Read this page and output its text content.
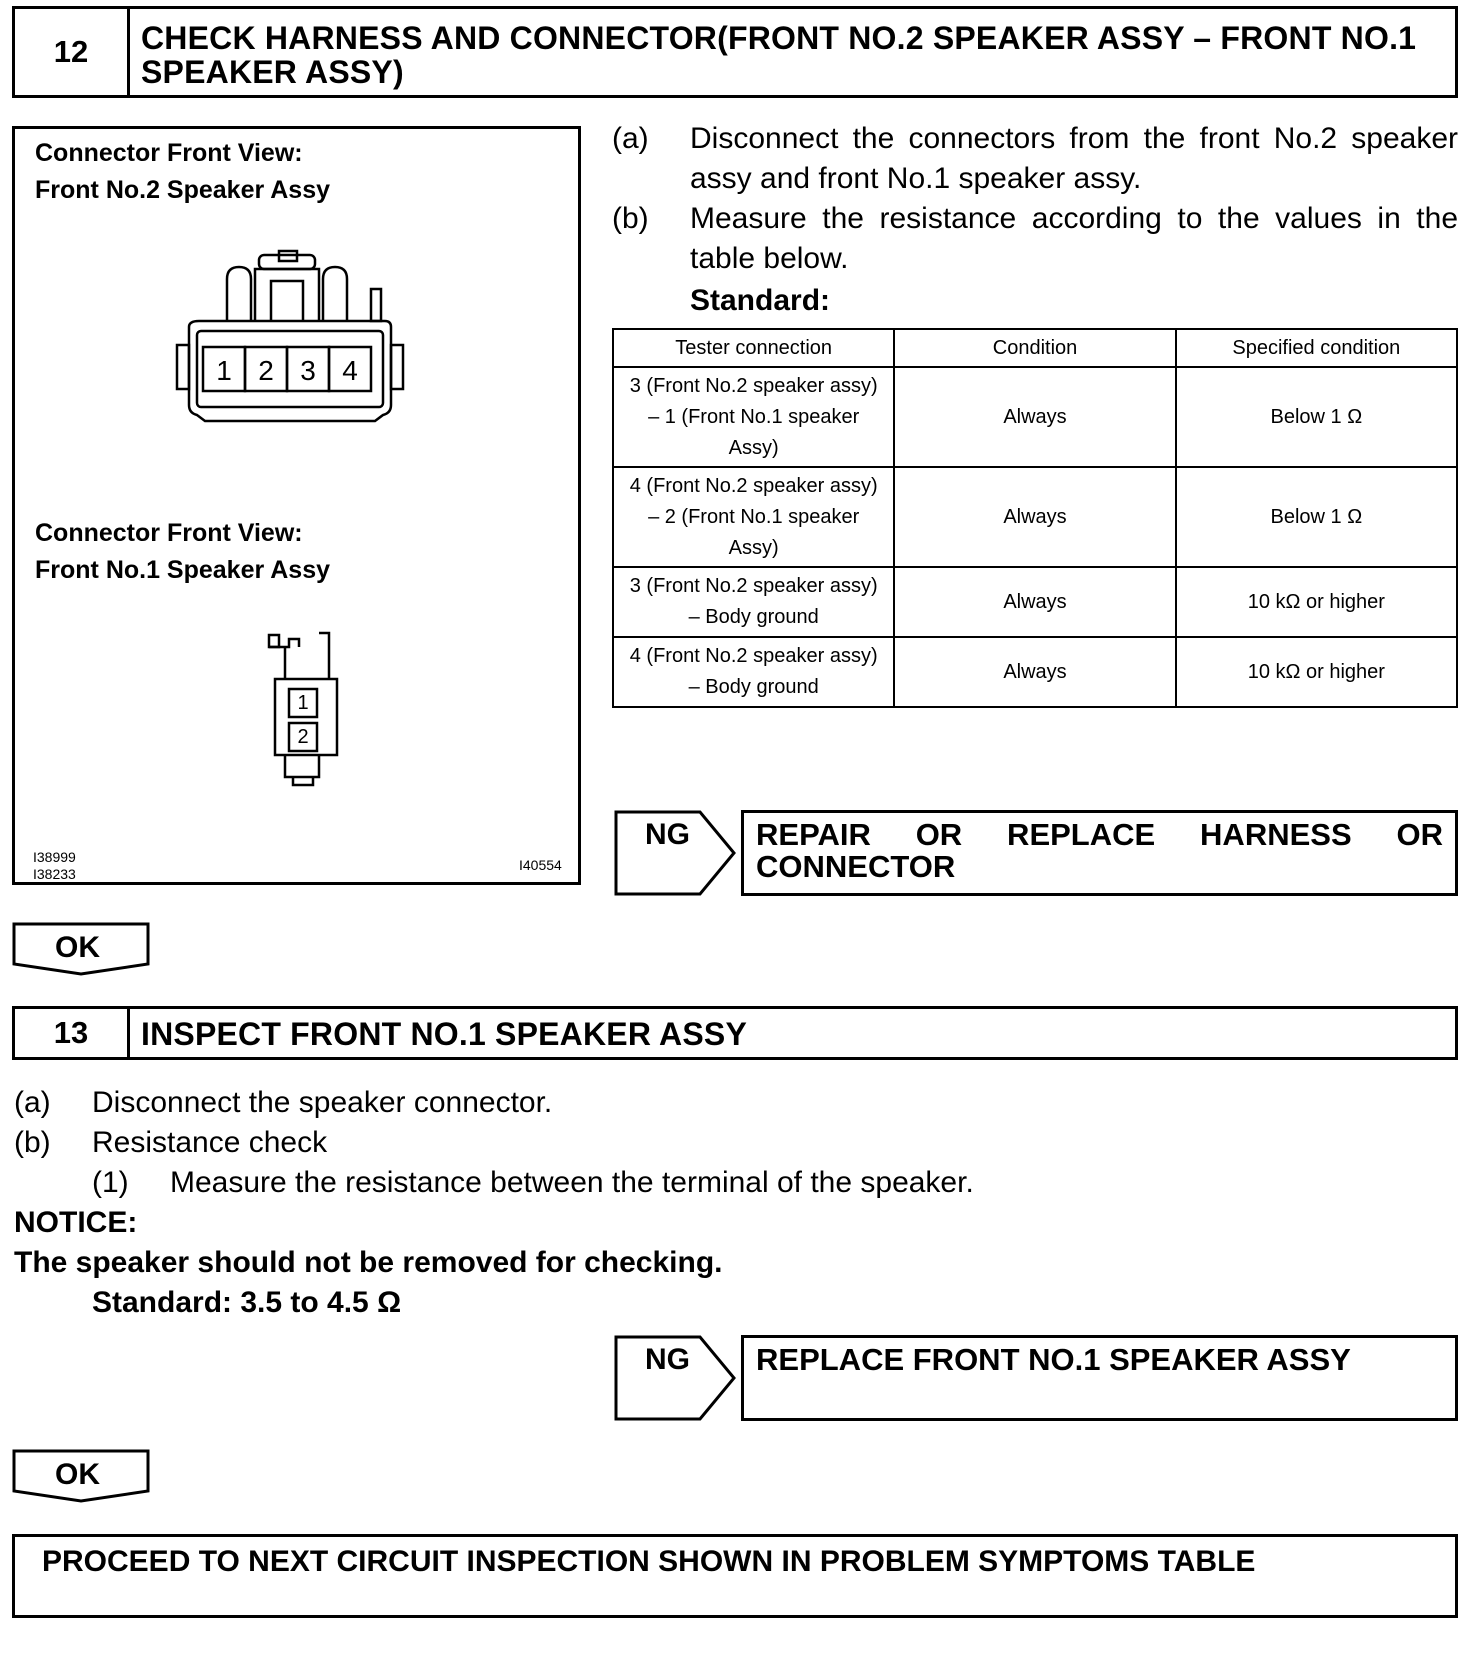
12	CHECK HARNESS AND CONNECTOR(FRONT NO.2 SPEAKER ASSY – FRONT NO.1 SPEAKER ASSY)
Connector Front View:
Front No.2 Speaker Assy
1 2 3 4
Connector Front View:
Front No.1 Speaker Assy
1
2
I38999
I38233
I40554
(a) Disconnect the connectors from the front No.2 speaker assy and front No.1 speaker assy.
(b) Measure the resistance according to the values in the table below.
Standard:
Tester connection	Condition	Specified condition
3 (Front No.2 speaker assy) – 1 (Front No.1 speaker Assy)	Always	Below 1 Ω
4 (Front No.2 speaker assy) – 2 (Front No.1 speaker Assy)	Always	Below 1 Ω
3 (Front No.2 speaker assy) – Body ground	Always	10 kΩ or higher
4 (Front No.2 speaker assy) – Body ground	Always	10 kΩ or higher
NG REPAIR OR REPLACE HARNESS OR CONNECTOR
OK
13	INSPECT FRONT NO.1 SPEAKER ASSY
(a) Disconnect the speaker connector.
(b) Resistance check
(1) Measure the resistance between the terminal of the speaker.
NOTICE:
The speaker should not be removed for checking.
Standard: 3.5 to 4.5 Ω
NG REPLACE FRONT NO.1 SPEAKER ASSY
OK
PROCEED TO NEXT CIRCUIT INSPECTION SHOWN IN PROBLEM SYMPTOMS TABLE
